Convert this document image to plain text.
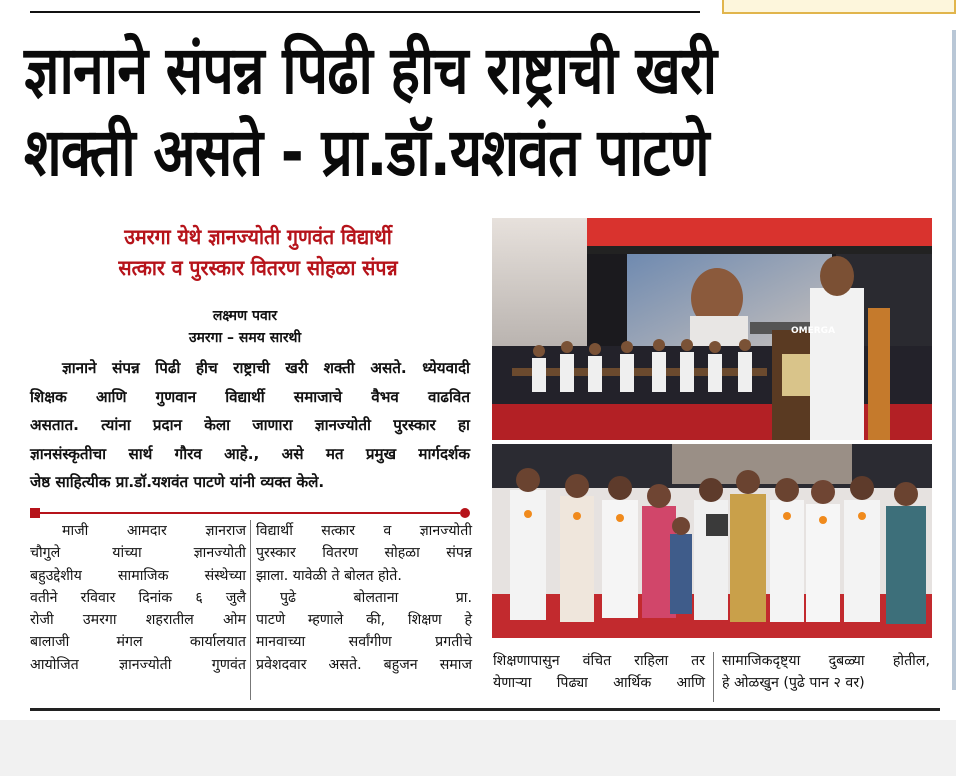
ज्ञानाने संपन्न पिढी हीच राष्ट्राची खरी
शक्ती असते - प्रा.डॉ.यशवंत पाटणे
उमरगा येथे ज्ञानज्योती गुणवंत विद्यार्थी
सत्कार व पुरस्कार वितरण सोहळा संपन्न
लक्ष्मण पवार
उमरगा – समय सारथी
ज्ञानाने संपन्न पिढी हीच राष्ट्राची खरी शक्ती असते. ध्येयवादी
शिक्षक आणि गुणवान विद्यार्थी समाजाचे वैभव वाढवित
असतात. त्यांना प्रदान केला जाणारा ज्ञानज्योती पुरस्कार हा
ज्ञानसंस्कृतीचा सार्थ गौरव आहे., असे मत प्रमुख मार्गदर्शक
जेष्ठ साहित्यीक प्रा.डॉ.यशवंत पाटणे यांनी व्यक्त केले.
माजी आमदार ज्ञानराज
चौगुले यांच्या ज्ञानज्योती
बहुउद्देशीय सामाजिक संस्थेच्या
वतीने रविवार दिनांक ६ जुलै
रोजी उमरगा शहरातील ओम
बालाजी मंगल कार्यालयात
आयोजित ज्ञानज्योती गुणवंत
विद्यार्थी सत्कार व ज्ञानज्योती
पुरस्कार वितरण सोहळा संपन्न
झाला. यावेळी ते बोलत होते.
पुढे बोलताना प्रा.
पाटणे म्हणाले की, शिक्षण हे
मानवाच्या सर्वांगीण प्रगतीचे
प्रवेशदवार असते. बहुजन समाज
OMERGA
शिक्षणापासुन वंचित राहिला तर
येणाऱ्या पिढ्या आर्थिक आणि
सामाजिकदृष्ट्या दुबळ्या होतील,
हे ओळखुन (पुढे पान २ वर)
